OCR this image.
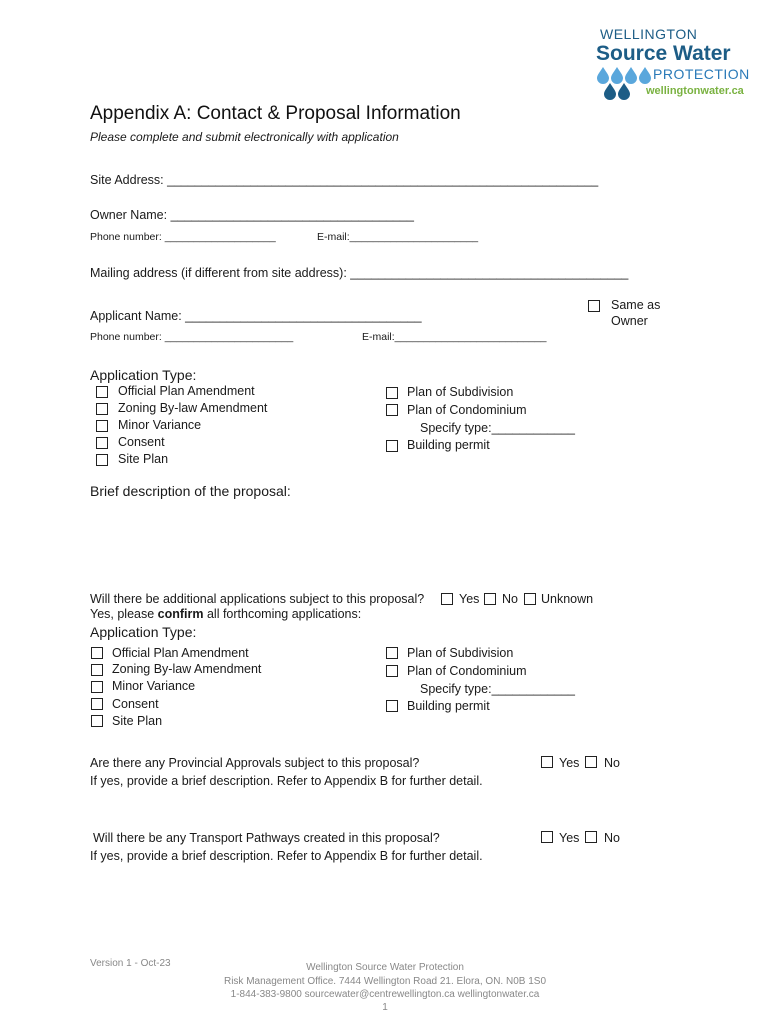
WELLINGTON
Source Water
PROTECTION
wellingtonwater.ca
Appendix A: Contact & Proposal Information
Please complete and submit electronically with application
Site Address: ______________________________________________________________
Owner Name: ___________________________________
Phone number: ___________________	E-mail:______________________
Mailing address (if different from site address): ________________________________________
Same as
Owner
Applicant Name: __________________________________
Phone number: ______________________	E-mail:__________________________
Application Type:
Official Plan Amendment
Zoning By-law Amendment
Minor Variance
Consent
Site Plan
Plan of Subdivision
Plan of Condominium
Specify type:____________
Building permit
Brief description of the proposal:
Will there be additional applications subject to this proposal?	Yes No Unknown
Yes, please confirm all forthcoming applications:
Application Type:
Official Plan Amendment
Zoning By-law Amendment
Minor Variance
Consent
Site Plan
Plan of Subdivision
Plan of Condominium
Specify type:____________
Building permit
Are there any Provincial Approvals subject to this proposal?
If yes, provide a brief description. Refer to Appendix B for further detail.
Yes No
Will there be any Transport Pathways created in this proposal?
If yes, provide a brief description. Refer to Appendix B for further detail.
Yes No
Version 1 - Oct-23	Wellington Source Water Protection
Risk Management Office. 7444 Wellington Road 21. Elora, ON. N0B 1S0
1-844-383-9800 sourcewater@centrewellington.ca wellingtonwater.ca
1
